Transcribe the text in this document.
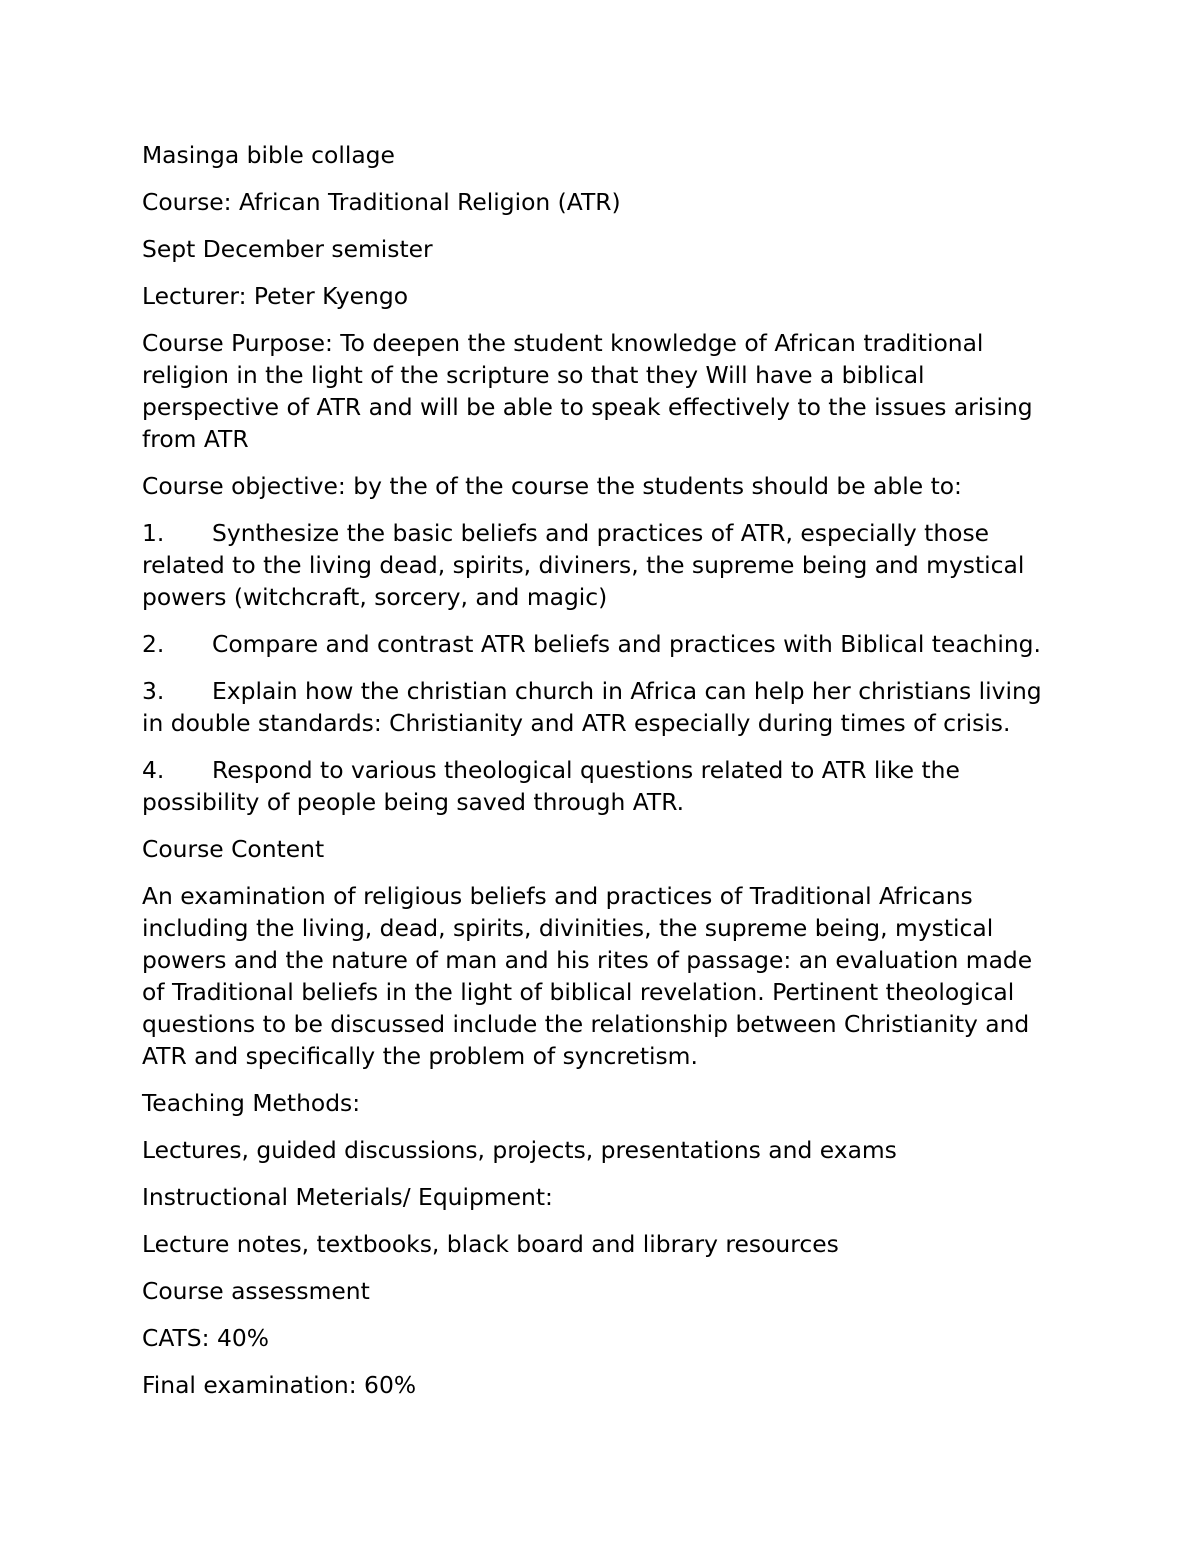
Masinga bible collage

Course: African Traditional Religion (ATR)

Sept December semister

Lecturer: Peter Kyengo

Course Purpose: To deepen the student knowledge of African traditional religion in the light of the scripture so that they Will have a biblical perspective of ATR and will be able to speak effectively to the issues arising from ATR

Course objective: by the of the course the students should be able to:

1. Synthesize the basic beliefs and practices of ATR, especially those related to the living dead, spirits, diviners, the supreme being and mystical powers (witchcraft, sorcery, and magic)

2. Compare and contrast ATR beliefs and practices with Biblical teaching.

3. Explain how the christian church in Africa can help her christians living in double standards: Christianity and ATR especially during times of crisis.

4. Respond to various theological questions related to ATR like the possibility of people being saved through ATR.

Course Content

An examination of religious beliefs and practices of Traditional Africans including the living, dead, spirits, divinities, the supreme being, mystical powers and the nature of man and his rites of passage: an evaluation made of Traditional beliefs in the light of biblical revelation. Pertinent theological questions to be discussed include the relationship between Christianity and ATR and specifically the problem of syncretism.

Teaching Methods:

Lectures, guided discussions, projects, presentations and exams

Instructional Meterials/ Equipment:

Lecture notes, textbooks, black board and library resources

Course assessment

CATS: 40%

Final examination: 60%
